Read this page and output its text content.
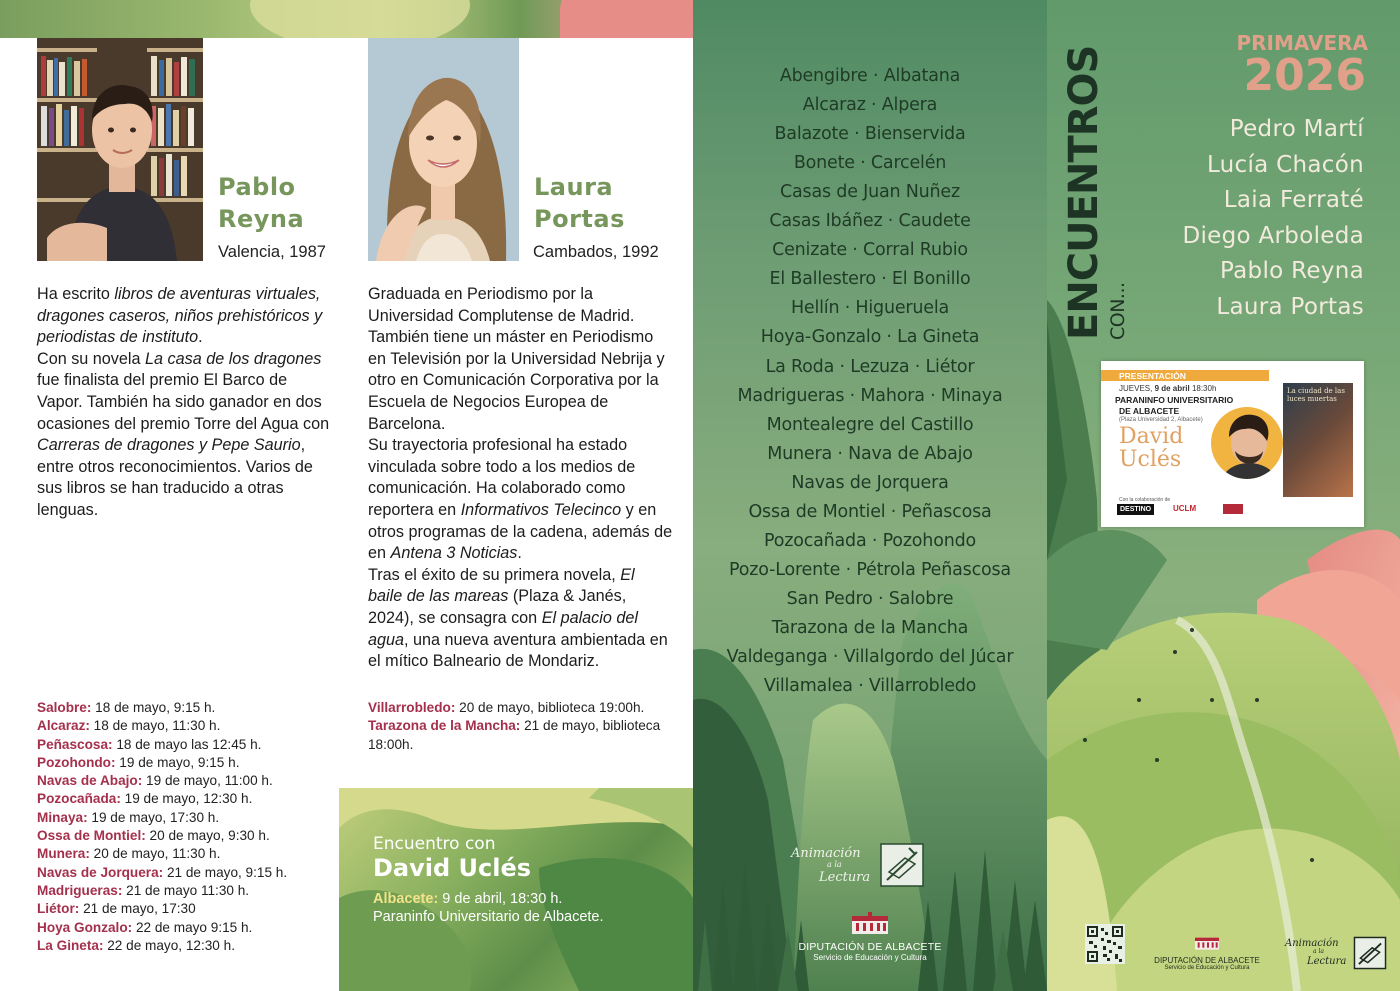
Pablo
Reyna
Valencia, 1987

Ha escrito libros de aventuras virtuales, dragones caseros, niños prehistóricos y periodistas de instituto.

Con su novela La casa de los dragones fue finalista del premio El Barco de Vapor. También ha sido ganador en dos ocasiones del premio Torre del Agua con Carreras de dragones y Pepe Saurio, entre otros reconocimientos. Varios de sus libros se han traducido a otras lenguas.

Salobre: 18 de mayo, 9:15 h.
Alcaraz: 18 de mayo, 11:30 h.
Peñascosa: 18 de mayo las 12:45 h.
Pozohondo: 19 de mayo, 9:15 h.
Navas de Abajo: 19 de mayo, 11:00 h.
Pozocañada: 19 de mayo, 12:30 h.
Minaya: 19 de mayo, 17:30 h.
Ossa de Montiel: 20 de mayo, 9:30 h.
Munera: 20 de mayo, 11:30 h.
Navas de Jorquera: 21 de mayo, 9:15 h.
Madrigueras: 21 de mayo 11:30 h.
Liétor: 21 de mayo, 17:30
Hoya Gonzalo: 22 de mayo 9:15 h.
La Gineta: 22 de mayo, 12:30 h.
Laura
Portas
Cambados, 1992

Graduada en Periodismo por la Universidad Complutense de Madrid. También tiene un máster en Periodismo en Televisión por la Universidad Nebrija y otro en Comunicación Corporativa por la Escuela de Negocios Europea de Barcelona.

Su trayectoria profesional ha estado vinculada sobre todo a los medios de comunicación. Ha colaborado como reportera en Informativos Telecinco y en otros programas de la cadena, además de en Antena 3 Noticias.

Tras el éxito de su primera novela, El baile de las mareas (Plaza & Janés, 2024), se consagra con El palacio del agua, una nueva aventura ambientada en el mítico Balneario de Mondariz.

Villarrobledo: 20 de mayo, biblioteca 19:00h.
Tarazona de la Mancha: 21 de mayo, biblioteca 18:00h.
Encuentro con
David Uclés
Albacete: 9 de abril, 18:30 h.
Paraninfo Universitario de Albacete.
Abengibre · Albatana
Alcaraz · Alpera
Balazote · Bienservida
Bonete · Carcelén
Casas de Juan Nuñez
Casas Ibáñez · Caudete
Cenizate · Corral Rubio
El Ballestero · El Bonillo
Hellín · Higueruela
Hoya-Gonzalo · La Gineta
La Roda · Lezuza · Liétor
Madrigueras · Mahora · Minaya
Montealegre del Castillo
Munera · Nava de Abajo
Navas de Jorquera
Ossa de Montiel · Peñascosa
Pozocañada · Pozohondo
Pozo-Lorente · Pétrola Peñascosa
San Pedro · Salobre
Tarazona de la Mancha
Valdeganga · Villalgordo del Júcar
Villamalea · Villarrobledo
Animación
a la
Lectura
DIPUTACIÓN DE ALBACETE
Servicio de Educación y Cultura
ENCUENTROS CON...
PRIMAVERA
2026
Pedro Martí
Lucía Chacón
Laia Ferraté
Diego Arboleda
Pablo Reyna
Laura Portas
PRESENTACIÓN
JUEVES, 9 de abril 18:30h
PARANINFO UNIVERSITARIO
DE ALBACETE
(Plaza Universidad 2, Albacete)
David
Uclés
La ciudad de las luces muertas
Con la colaboración de
DESTINO	UCLM
DIPUTACIÓN DE ALBACETE
Servicio de Educación y Cultura
Animación
a la
Lectura
